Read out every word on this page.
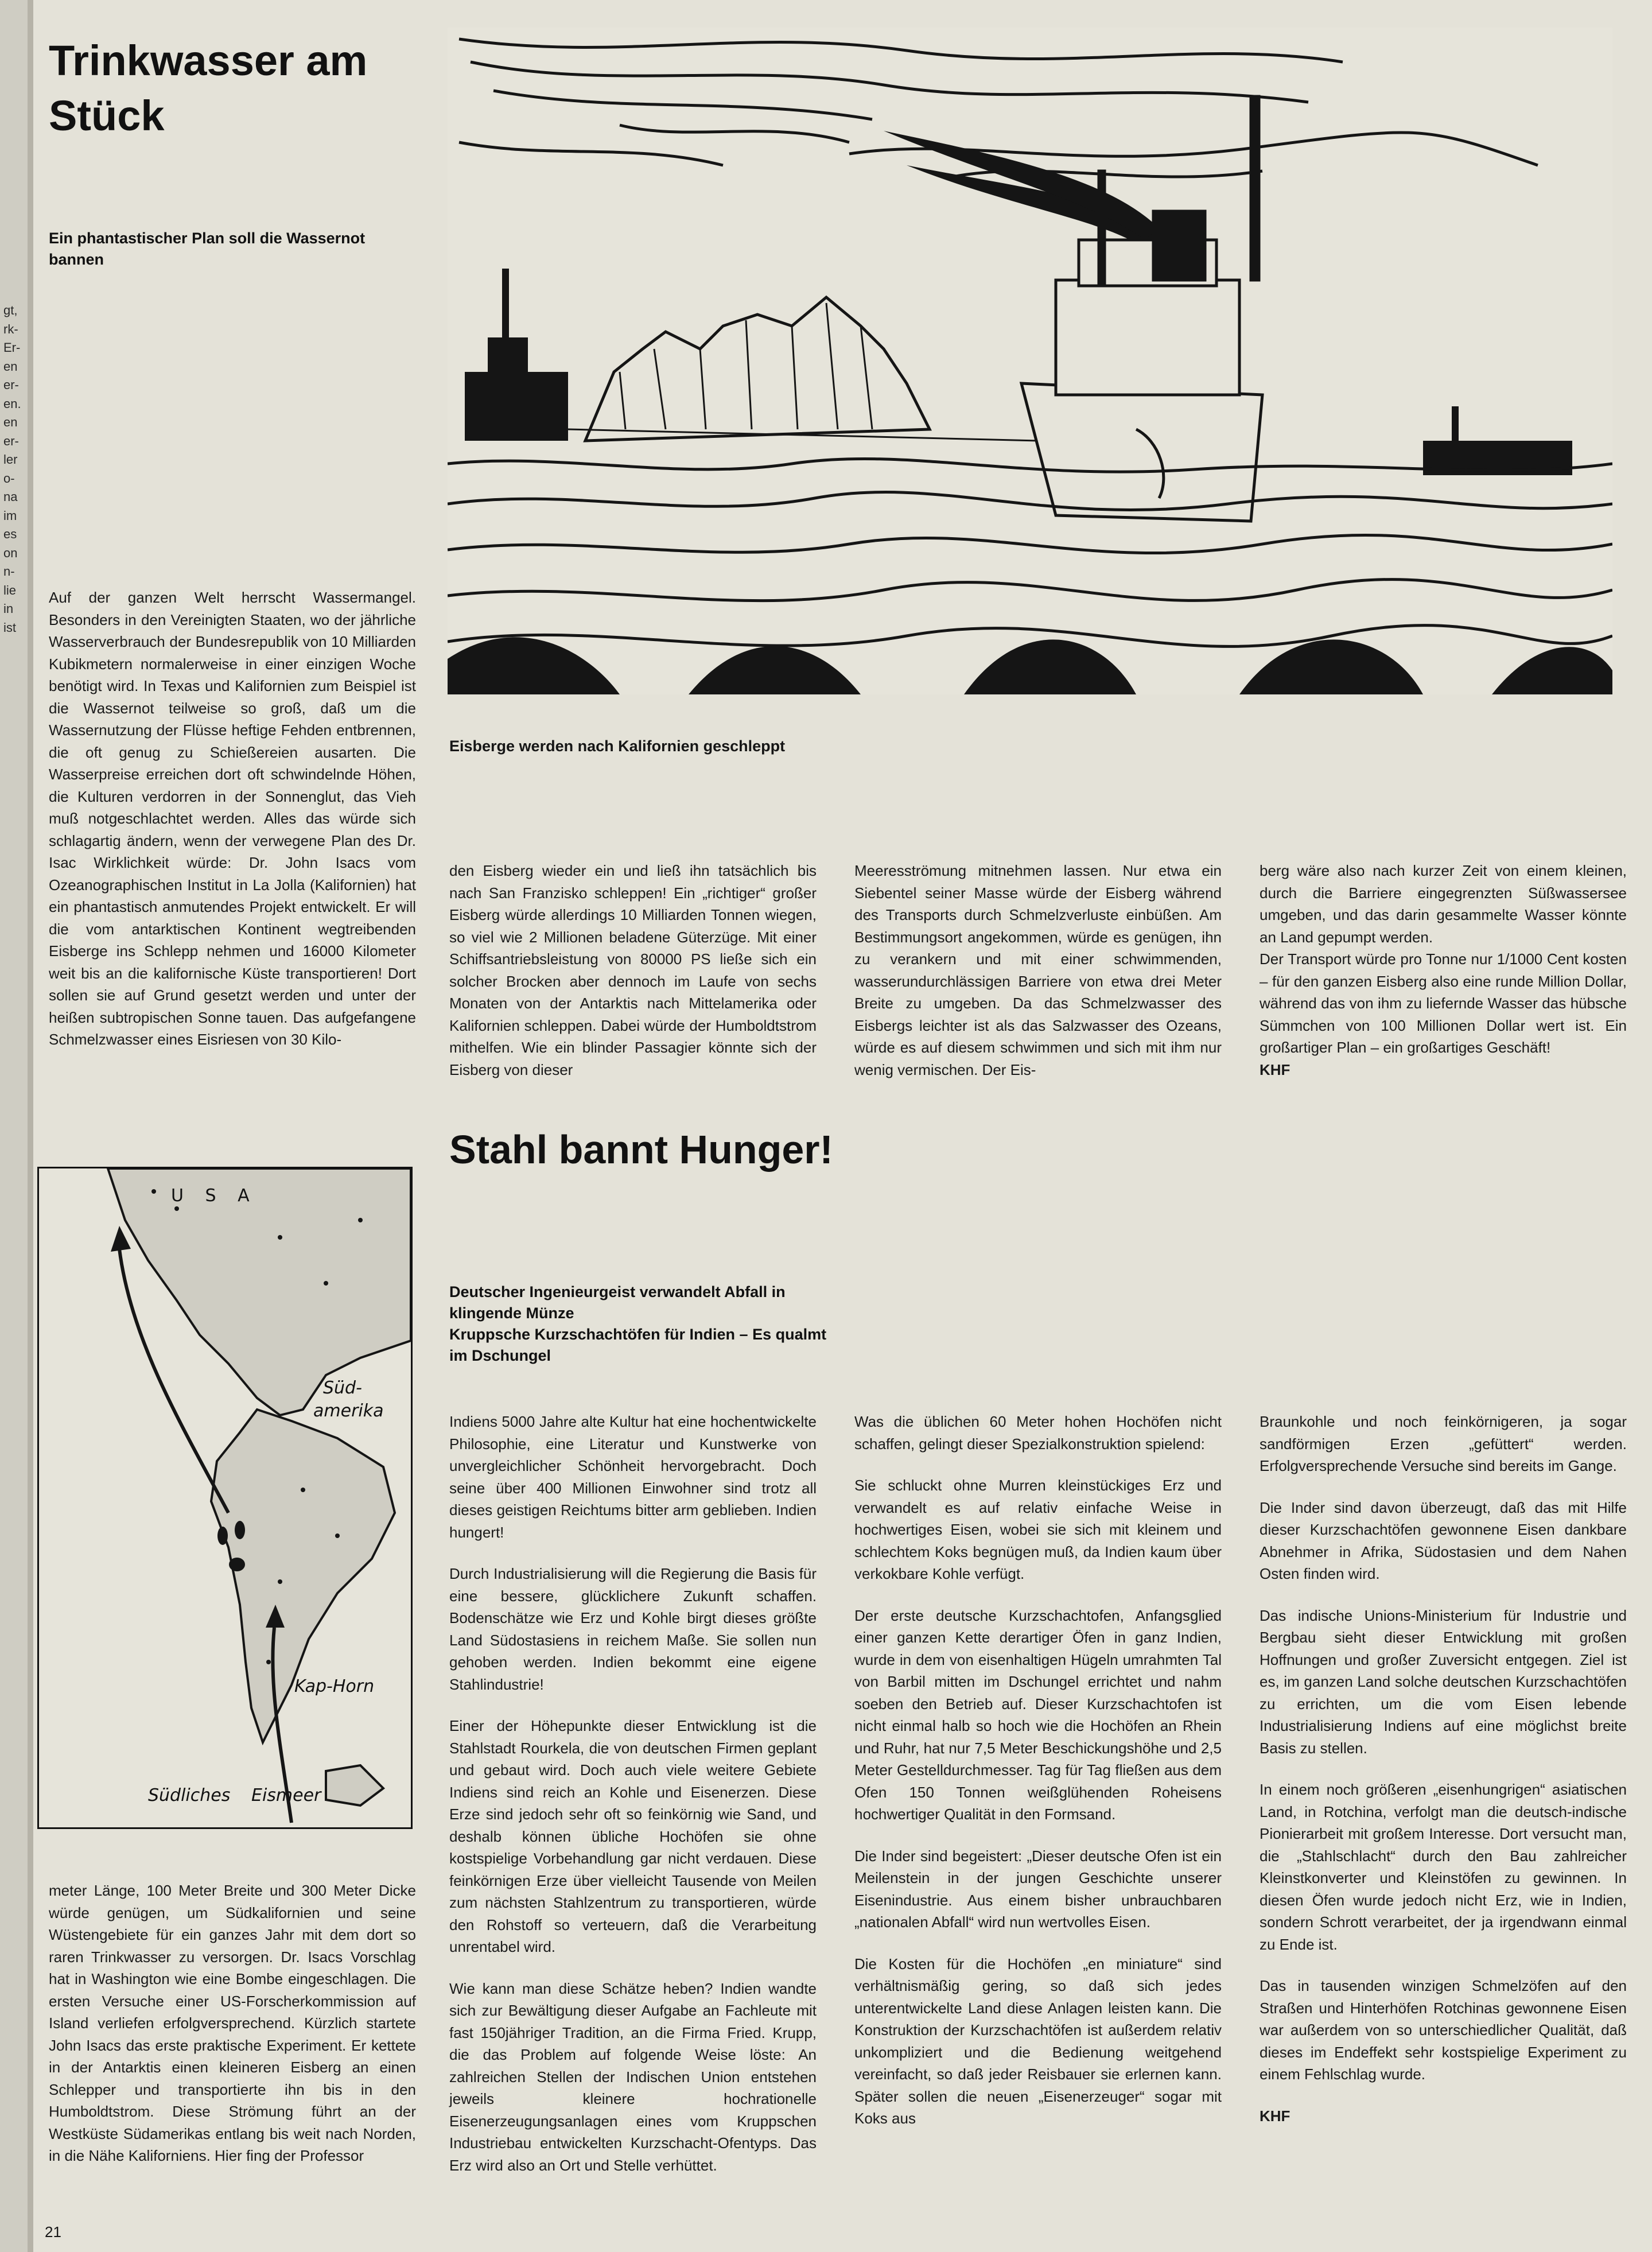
gt,
rk-
Er-
en
er-
en.
en
er-
ler
o-
na
im
es
on
n-
lie
in
ist
Trinkwasser am Stück
Ein phantastischer Plan soll die Wassernot bannen
Eisberge werden nach Kalifornien geschleppt

Auf der ganzen Welt herrscht Wassermangel. Besonders in den Vereinigten Staaten, wo der jährliche Wasserverbrauch der Bundesrepublik von 10 Milliarden Kubikmetern normalerweise in einer einzigen Woche benötigt wird. In Texas und Kalifornien zum Beispiel ist die Wassernot teilweise so groß, daß um die Wassernutzung der Flüsse heftige Fehden entbrennen, die oft genug zu Schießereien ausarten. Die Wasserpreise erreichen dort oft schwindelnde Höhen, die Kulturen verdorren in der Sonnenglut, das Vieh muß notgeschlachtet werden. Alles das würde sich schlagartig ändern, wenn der verwegene Plan des Dr. Isac Wirklichkeit würde: Dr. John Isacs vom Ozeanographischen Institut in La Jolla (Kalifornien) hat ein phantastisch anmutendes Projekt entwickelt. Er will die vom antarktischen Kontinent wegtreibenden Eisberge ins Schlepp nehmen und 16000 Kilometer weit bis an die kalifornische Küste transportieren! Dort sollen sie auf Grund gesetzt werden und unter der heißen subtropischen Sonne tauen. Das aufgefangene Schmelzwasser eines Eisriesen von 30 Kilo-

den Eisberg wieder ein und ließ ihn tatsächlich bis nach San Franzisko schleppen! Ein „richtiger“ großer Eisberg würde allerdings 10 Milliarden Tonnen wiegen, so viel wie 2 Millionen beladene Güterzüge. Mit einer Schiffsantriebsleistung von 80000 PS ließe sich ein solcher Brocken aber dennoch im Laufe von sechs Monaten von der Antarktis nach Mittelamerika oder Kalifornien schleppen. Dabei würde der Humboldtstrom mithelfen. Wie ein blinder Passagier könnte sich der Eisberg von dieser

Meeresströmung mitnehmen lassen. Nur etwa ein Siebentel seiner Masse würde der Eisberg während des Transports durch Schmelzverluste einbüßen. Am Bestimmungsort angekommen, würde es genügen, ihn zu verankern und mit einer schwimmenden, wasserundurchlässigen Barriere von etwa drei Meter Breite zu umgeben. Da das Schmelzwasser des Eisbergs leichter ist als das Salzwasser des Ozeans, würde es auf diesem schwimmen und sich mit ihm nur wenig vermischen. Der Eis-

berg wäre also nach kurzer Zeit von einem kleinen, durch die Barriere eingegrenzten Süßwassersee umgeben, und das darin gesammelte Wasser könnte an Land gepumpt werden.

Der Transport würde pro Tonne nur 1/1000 Cent kosten – für den ganzen Eisberg also eine runde Million Dollar, während das von ihm zu liefernde Wasser das hübsche Sümmchen von 100 Millionen Dollar wert ist. Ein großartiger Plan – ein großartiges Geschäft!

KHF

U S A
Süd-
amerika
Kap-Horn
Südliches Eismeer

meter Länge, 100 Meter Breite und 300 Meter Dicke würde genügen, um Südkalifornien und seine Wüstengebiete für ein ganzes Jahr mit dem dort so raren Trinkwasser zu versorgen. Dr. Isacs Vorschlag hat in Washington wie eine Bombe eingeschlagen. Die ersten Versuche einer US-Forscherkommission auf Island verliefen erfolgversprechend. Kürzlich startete John Isacs das erste praktische Experiment. Er kettete in der Antarktis einen kleineren Eisberg an einen Schlepper und transportierte ihn bis in den Humboldtstrom. Diese Strömung führt an der Westküste Südamerikas entlang bis weit nach Norden, in die Nähe Kaliforniens. Hier fing der Professor

Stahl bannt Hunger!
Deutscher Ingenieurgeist verwandelt Abfall in klingende Münze
Kruppsche Kurzschachtöfen für Indien – Es qualmt im Dschungel

Indiens 5000 Jahre alte Kultur hat eine hochentwickelte Philosophie, eine Literatur und Kunstwerke von unvergleichlicher Schönheit hervorgebracht. Doch seine über 400 Millionen Einwohner sind trotz all dieses geistigen Reichtums bitter arm geblieben. Indien hungert!

Durch Industrialisierung will die Regierung die Basis für eine bessere, glücklichere Zukunft schaffen. Bodenschätze wie Erz und Kohle birgt dieses größte Land Südostasiens in reichem Maße. Sie sollen nun gehoben werden. Indien bekommt eine eigene Stahlindustrie!

Einer der Höhepunkte dieser Entwicklung ist die Stahlstadt Rourkela, die von deutschen Firmen geplant und gebaut wird. Doch auch viele weitere Gebiete Indiens sind reich an Kohle und Eisenerzen. Diese Erze sind jedoch sehr oft so feinkörnig wie Sand, und deshalb können übliche Hochöfen sie ohne kostspielige Vorbehandlung gar nicht verdauen. Diese feinkörnigen Erze über vielleicht Tausende von Meilen zum nächsten Stahlzentrum zu transportieren, würde den Rohstoff so verteuern, daß die Verarbeitung unrentabel wird.

Wie kann man diese Schätze heben? Indien wandte sich zur Bewältigung dieser Aufgabe an Fachleute mit fast 150jähriger Tradition, an die Firma Fried. Krupp, die das Problem auf folgende Weise löste: An zahlreichen Stellen der Indischen Union entstehen jeweils kleinere hochrationelle Eisenerzeugungsanlagen eines vom Kruppschen Industriebau entwickelten Kurzschacht-Ofentyps. Das Erz wird also an Ort und Stelle verhüttet.

Was die üblichen 60 Meter hohen Hochöfen nicht schaffen, gelingt dieser Spezialkonstruktion spielend:

Sie schluckt ohne Murren kleinstückiges Erz und verwandelt es auf relativ einfache Weise in hochwertiges Eisen, wobei sie sich mit kleinem und schlechtem Koks begnügen muß, da Indien kaum über verkokbare Kohle verfügt.

Der erste deutsche Kurzschachtofen, Anfangsglied einer ganzen Kette derartiger Öfen in ganz Indien, wurde in dem von eisenhaltigen Hügeln umrahmten Tal von Barbil mitten im Dschungel errichtet und nahm soeben den Betrieb auf. Dieser Kurzschachtofen ist nicht einmal halb so hoch wie die Hochöfen an Rhein und Ruhr, hat nur 7,5 Meter Beschickungshöhe und 2,5 Meter Gestelldurchmesser. Tag für Tag fließen aus dem Ofen 150 Tonnen weißglühenden Roheisens hochwertiger Qualität in den Formsand.

Die Inder sind begeistert: „Dieser deutsche Ofen ist ein Meilenstein in der jungen Geschichte unserer Eisenindustrie. Aus einem bisher unbrauchbaren „nationalen Abfall“ wird nun wertvolles Eisen.

Die Kosten für die Hochöfen „en miniature“ sind verhältnismäßig gering, so daß sich jedes unterentwickelte Land diese Anlagen leisten kann. Die Konstruktion der Kurzschachtöfen ist außerdem relativ unkompliziert und die Bedienung weitgehend vereinfacht, so daß jeder Reisbauer sie erlernen kann. Später sollen die neuen „Eisenerzeuger“ sogar mit Koks aus

Braunkohle und noch feinkörnigeren, ja sogar sandförmigen Erzen „gefüttert“ werden. Erfolgversprechende Versuche sind bereits im Gange.

Die Inder sind davon überzeugt, daß das mit Hilfe dieser Kurzschachtöfen gewonnene Eisen dankbare Abnehmer in Afrika, Südostasien und dem Nahen Osten finden wird.

Das indische Unions-Ministerium für Industrie und Bergbau sieht dieser Entwicklung mit großen Hoffnungen und großer Zuversicht entgegen. Ziel ist es, im ganzen Land solche deutschen Kurzschachtöfen zu errichten, um die vom Eisen lebende Industrialisierung Indiens auf eine möglichst breite Basis zu stellen.

In einem noch größeren „eisenhungrigen“ asiatischen Land, in Rotchina, verfolgt man die deutsch-indische Pionierarbeit mit großem Interesse. Dort versucht man, die „Stahlschlacht“ durch den Bau zahlreicher Kleinstkonverter und Kleinstöfen zu gewinnen. In diesen Öfen wurde jedoch nicht Erz, wie in Indien, sondern Schrott verarbeitet, der ja irgendwann einmal zu Ende ist.

Das in tausenden winzigen Schmelzöfen auf den Straßen und Hinterhöfen Rotchinas gewonnene Eisen war außerdem von so unterschiedlicher Qualität, daß dieses im Endeffekt sehr kostspielige Experiment zu einem Fehlschlag wurde.

KHF

21
